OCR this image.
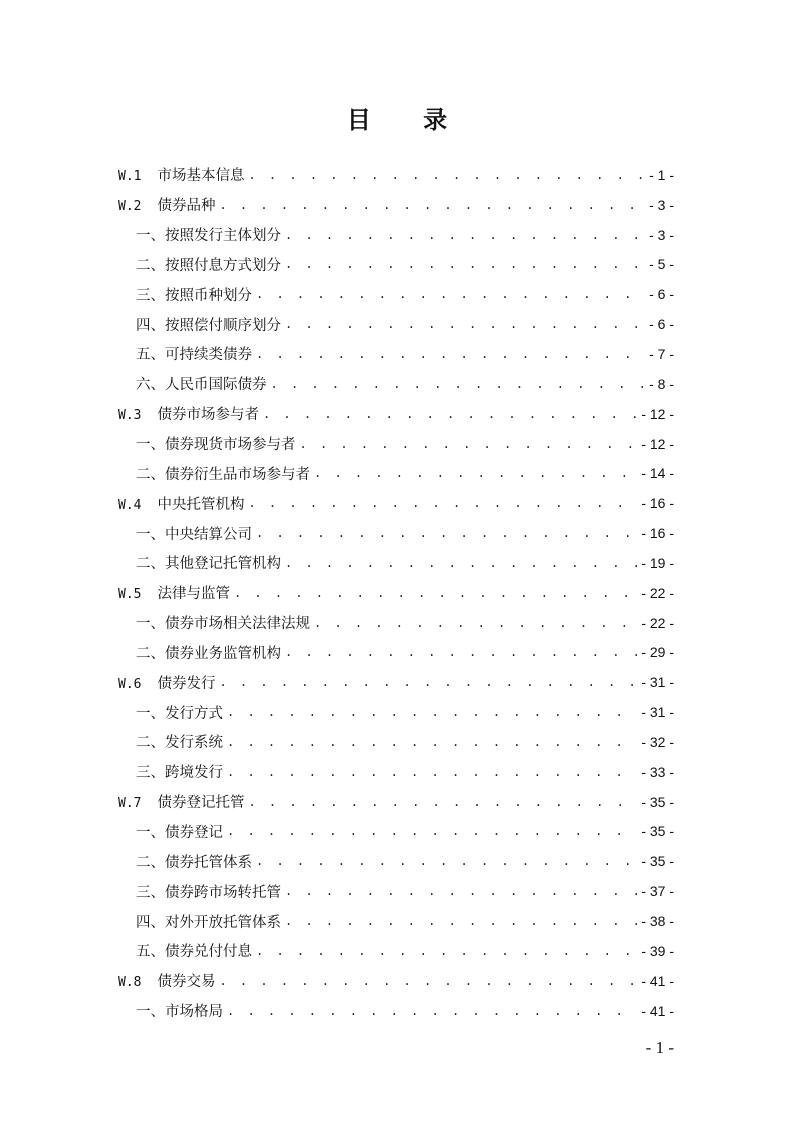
目 录
W.1 市场基本信息 . . .	- 1 -
W.2 债券品种 . . .	- 3 -
一、按照发行主体划分 . . .	- 3 -
二、按照付息方式划分 . . .	- 5 -
三、按照币种划分 . . .	- 6 -
四、按照偿付顺序划分 . . .	- 6 -
五、可持续类债券 . . .	- 7 -
六、人民币国际债券 . . .	- 8 -
W.3 债券市场参与者 . . .	- 12 -
一、债券现货市场参与者 . . .	- 12 -
二、债券衍生品市场参与者 . . .	- 14 -
W.4 中央托管机构 . . .	- 16 -
一、中央结算公司 . . .	- 16 -
二、其他登记托管机构 . . .	- 19 -
W.5 法律与监管 . . .	- 22 -
一、债券市场相关法律法规 . . .	- 22 -
二、债券业务监管机构 . . .	- 29 -
W.6 债券发行 . . .	- 31 -
一、发行方式 . . .	- 31 -
二、发行系统 . . .	- 32 -
三、跨境发行 . . .	- 33 -
W.7 债券登记托管 . . .	- 35 -
一、债券登记 . . .	- 35 -
二、债券托管体系 . . .	- 35 -
三、债券跨市场转托管 . . .	- 37 -
四、对外开放托管体系 . . .	- 38 -
五、债券兑付付息 . . .	- 39 -
W.8 债券交易 . . .	- 41 -
一、市场格局 . . .	- 41 -
- 1 -
